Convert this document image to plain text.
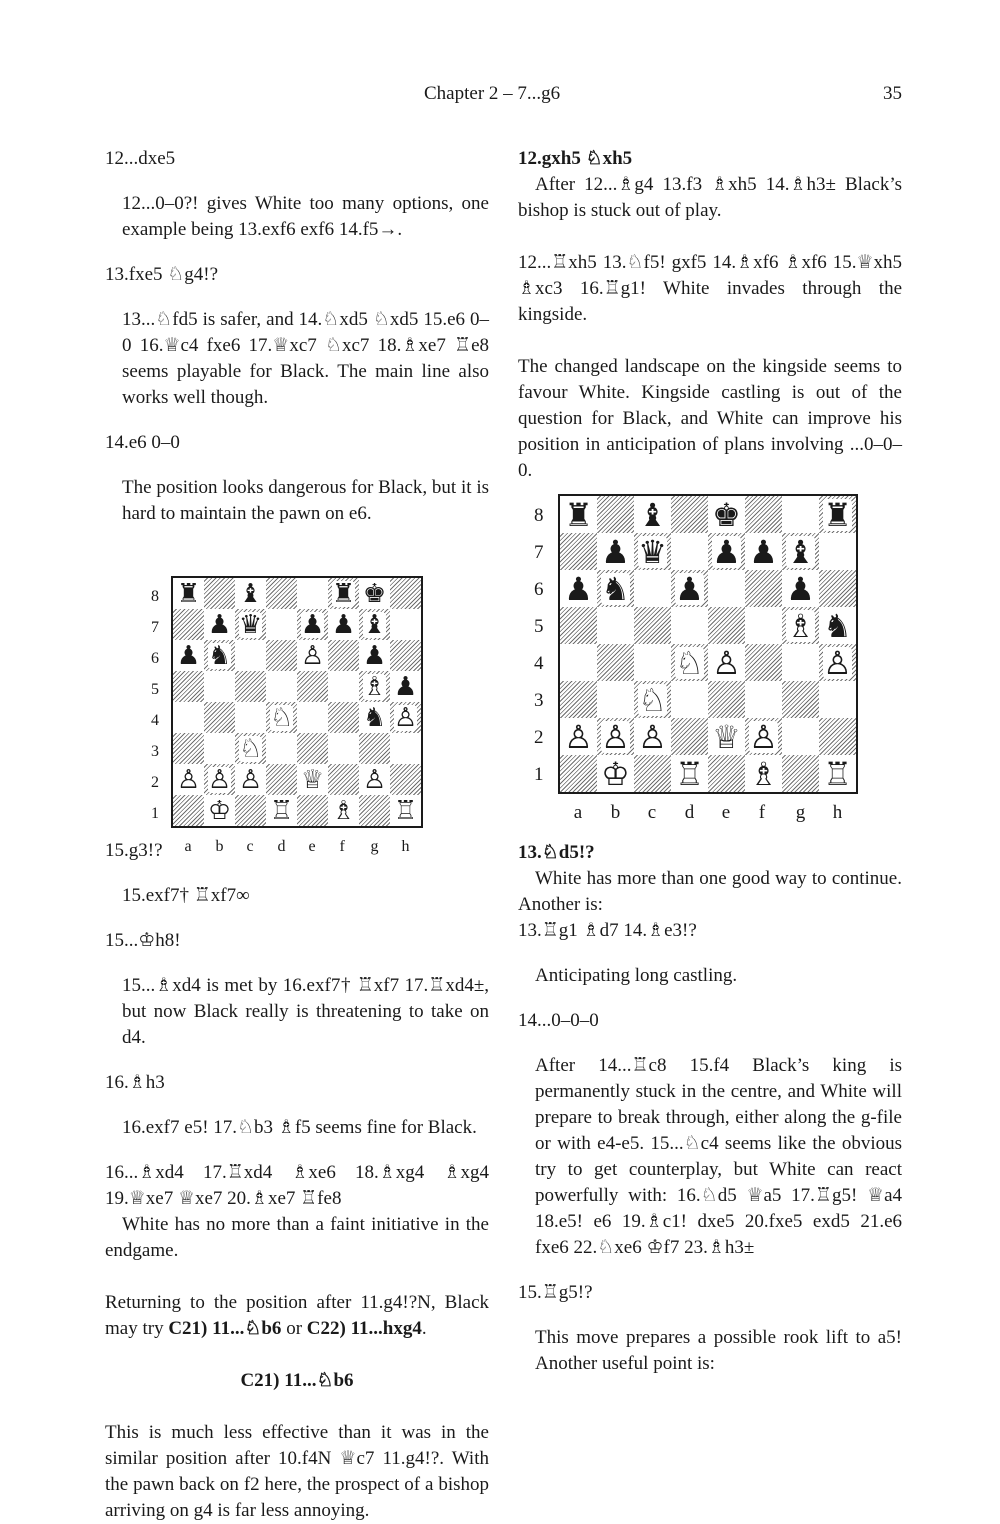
Chapter 2 – 7...g6	35

12...dxe5

12...0–0?! gives White too many options, one example being 13.exf6 exf6 14.f5→.

13.fxe5 ♘g4!?

13...♘fd5 is safer, and 14.♘xd5 ♘xd5 15.e6 0–0 16.♕c4 fxe6 17.♕xc7 ♘xc7 18.♗xe7 ♖e8 seems playable for Black. The main line also works well though.

14.e6 0–0

The position looks dangerous for Black, but it is hard to maintain the pawn on e6.

♜ ♝	♜ ♚
♟ ♛ ♟ ♟ ♝
♟ ♞	♙ ♟
♗ ♟
♘	♞ ♙
♘
♙ ♙ ♙ ♕ ♙
♔ ♖ ♗ ♖
8
7
6
5
4
3
2
1
a b c d e f g h

15.g3!?

15.exf7† ♖xf7∞

15...♔h8!

15...♗xd4 is met by 16.exf7† ♖xf7 17.♖xd4±, but now Black really is threatening to take on d4.

16.♗h3

16.exf7 e5! 17.♘b3 ♗f5 seems fine for Black.

16...♗xd4 17.♖xd4 ♗xe6 18.♗xg4 ♗xg4 19.♕xe7 ♕xe7 20.♗xe7 ♖fe8

White has no more than a faint initiative in the endgame.

Returning to the position after 11.g4!?N, Black may try C21) 11...♘b6 or C22) 11...hxg4.

C21) 11...♘b6

This is much less effective than it was in the similar position after 10.f4N ♕c7 11.g4!?. With the pawn back on f2 here, the prospect of a bishop arriving on g4 is far less annoying.

12.gxh5 ♘xh5

After 12...♗g4 13.f3 ♗xh5 14.♗h3± Black’s bishop is stuck out of play.

12...♖xh5 13.♘f5! gxf5 14.♗xf6 ♗xf6 15.♕xh5 ♗xc3 16.♖g1! White invades through the kingside.

The changed landscape on the kingside seems to favour White. Kingside castling is out of the question for Black, and White can improve his position in anticipation of plans involving ...0–0–0.

♜ ♝ ♚	♜
♟ ♛ ♟ ♟ ♝
♟ ♞ ♟	♟
♗ ♞
♘ ♙	♙
♘
♙ ♙ ♙ ♕ ♙
♔ ♖ ♗ ♖
8
7
6
5
4
3
2
1
a b c d e f g h

13.♘d5!?

White has more than one good way to continue. Another is:

13.♖g1 ♗d7 14.♗e3!?

Anticipating long castling.

14...0–0–0

After 14...♖c8 15.f4 Black’s king is permanently stuck in the centre, and White will prepare to break through, either along the g-file or with e4-e5. 15...♘c4 seems like the obvious try to get counterplay, but White can react powerfully with: 16.♘d5 ♕a5 17.♖g5! ♕a4 18.e5! e6 19.♗c1! dxe5 20.fxe5 exd5 21.e6 fxe6 22.♘xe6 ♔f7 23.♗h3±

15.♖g5!?

This move prepares a possible rook lift to a5! Another useful point is:
